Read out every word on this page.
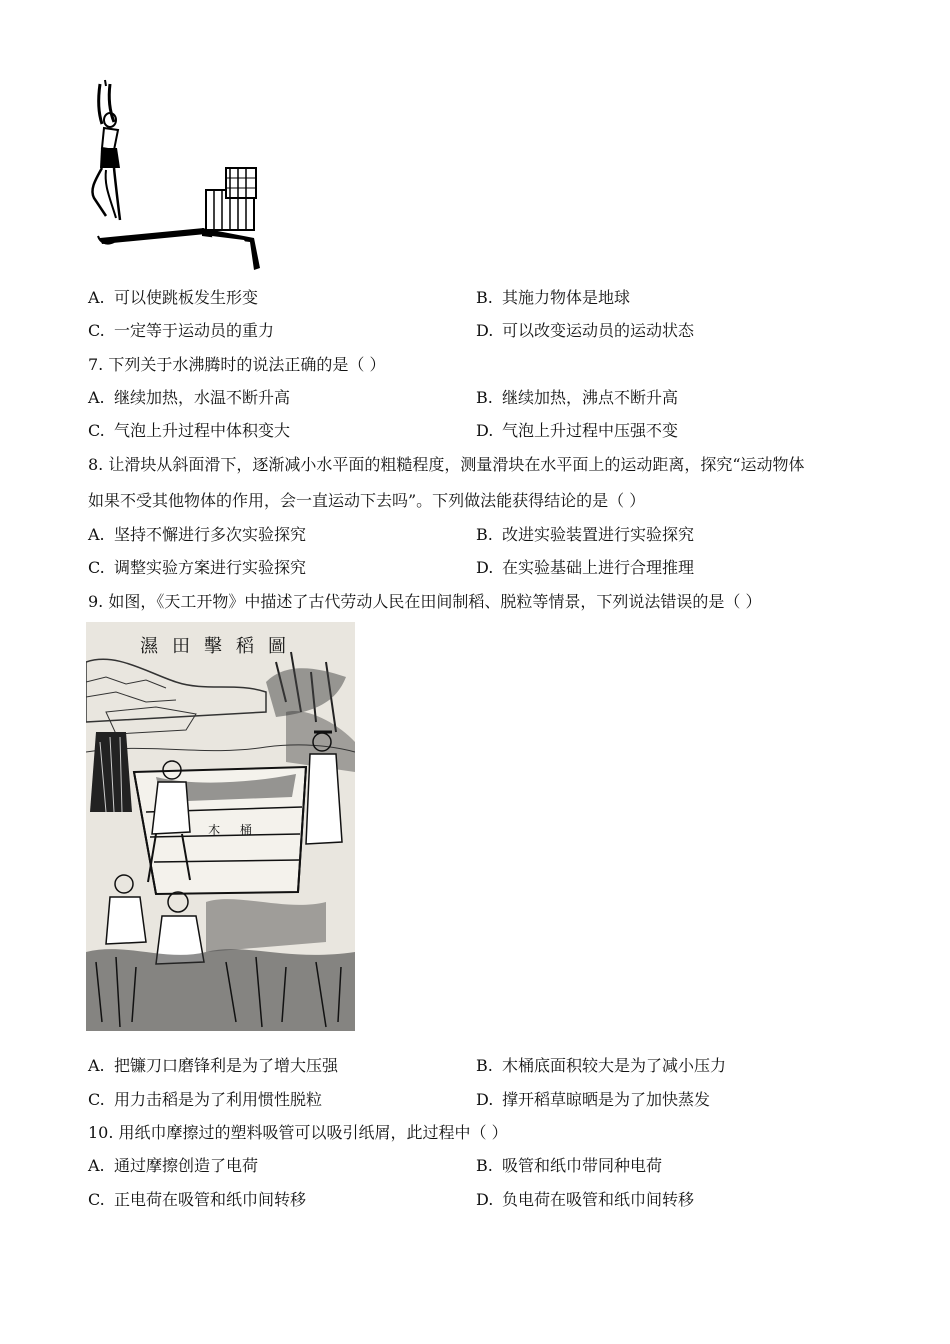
A. 可以使跳板发生形变	B. 其施力物体是地球
C. 一定等于运动员的重力	D. 可以改变运动员的运动状态
7. 下列关于水沸腾时的说法正确的是（ ）
A. 继续加热，水温不断升高	B. 继续加热，沸点不断升高
C. 气泡上升过程中体积变大	D. 气泡上升过程中压强不变
8. 让滑块从斜面滑下，逐渐减小水平面的粗糙程度，测量滑块在水平面上的运动距离，探究“运动物体
如果不受其他物体的作用，会一直运动下去吗”。下列做法能获得结论的是（ ）
A. 坚持不懈进行多次实验探究	B. 改进实验装置进行实验探究
C. 调整实验方案进行实验探究	D. 在实验基础上进行合理推理
9. 如图，《天工开物》中描述了古代劳动人民在田间制稻、脱粒等情景，下列说法错误的是（ ）
濕田擊稻圖
木 桶
A. 把镰刀口磨锋利是为了增大压强	B. 木桶底面积较大是为了减小压力
C. 用力击稻是为了利用惯性脱粒	D. 撑开稻草晾晒是为了加快蒸发
10. 用纸巾摩擦过的塑料吸管可以吸引纸屑，此过程中（ ）
A. 通过摩擦创造了电荷	B. 吸管和纸巾带同种电荷
C. 正电荷在吸管和纸巾间转移	D. 负电荷在吸管和纸巾间转移
